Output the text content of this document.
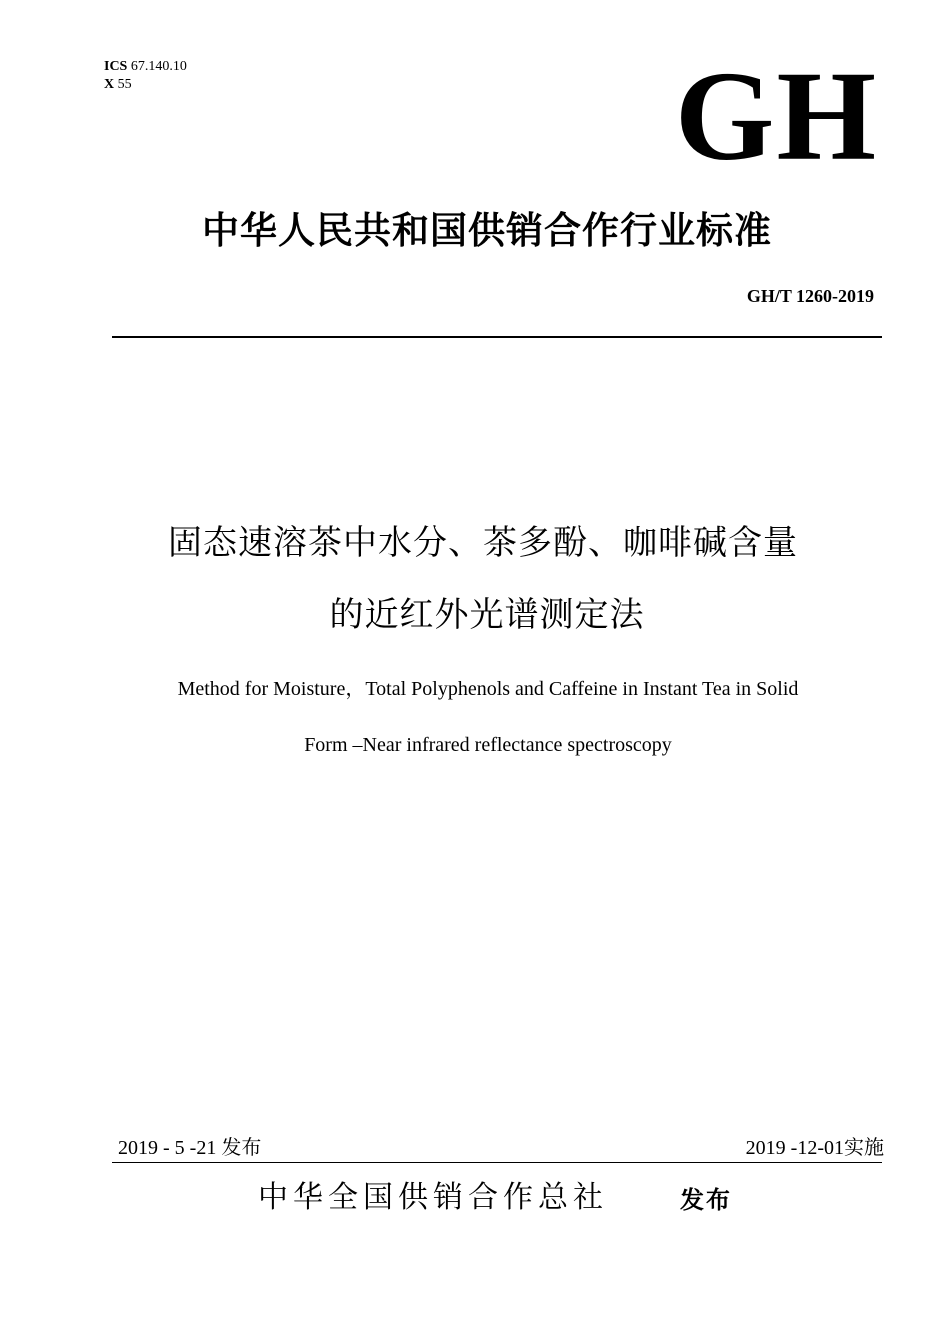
ICS 67.140.10
X 55	GH
中华人民共和国供销合作行业标准
GH/T 1260-2019
固态速溶茶中水分、茶多酚、咖啡碱含量
的近红外光谱测定法
Method for Moisture，Total Polyphenols and Caffeine in Instant Tea in Solid
Form –Near infrared reflectance spectroscopy
2019 - 5 -21 发布	2019 -12-01实施
中华全国供销合作总社	发布
